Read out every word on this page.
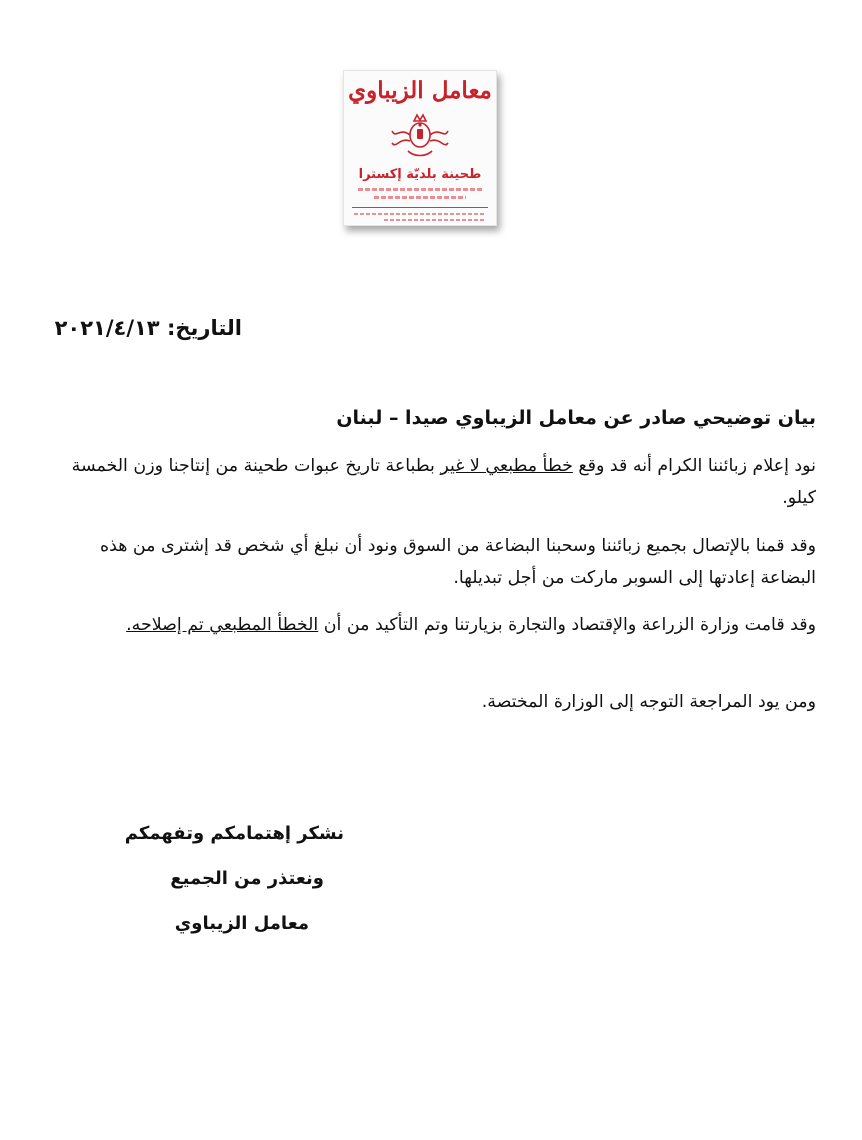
معامل الزيباوي
طحينة بلديّة إكسترا
التاريخ: ٢٠٢١/٤/١٣
بيان توضيحي صادر عن معامل الزيباوي صيدا – لبنان
نود إعلام زبائننا الكرام أنه قد وقع خطأ مطبعي لا غير بطباعة تاريخ عبوات طحينة من إنتاجنا وزن الخمسة كيلو.
وقد قمنا بالإتصال بجميع زبائننا وسحبنا البضاعة من السوق ونود أن نبلغ أي شخص قد إشترى من هذه البضاعة إعادتها إلى السوبر ماركت من أجل تبديلها.
وقد قامت وزارة الزراعة والإقتصاد والتجارة بزيارتنا وتم التأكيد من أن الخطأ المطبعي تم إصلاحه.
ومن يود المراجعة التوجه إلى الوزارة المختصة.
نشكر إهتمامكم وتفهمكم
ونعتذر من الجميع
معامل الزيباوي
